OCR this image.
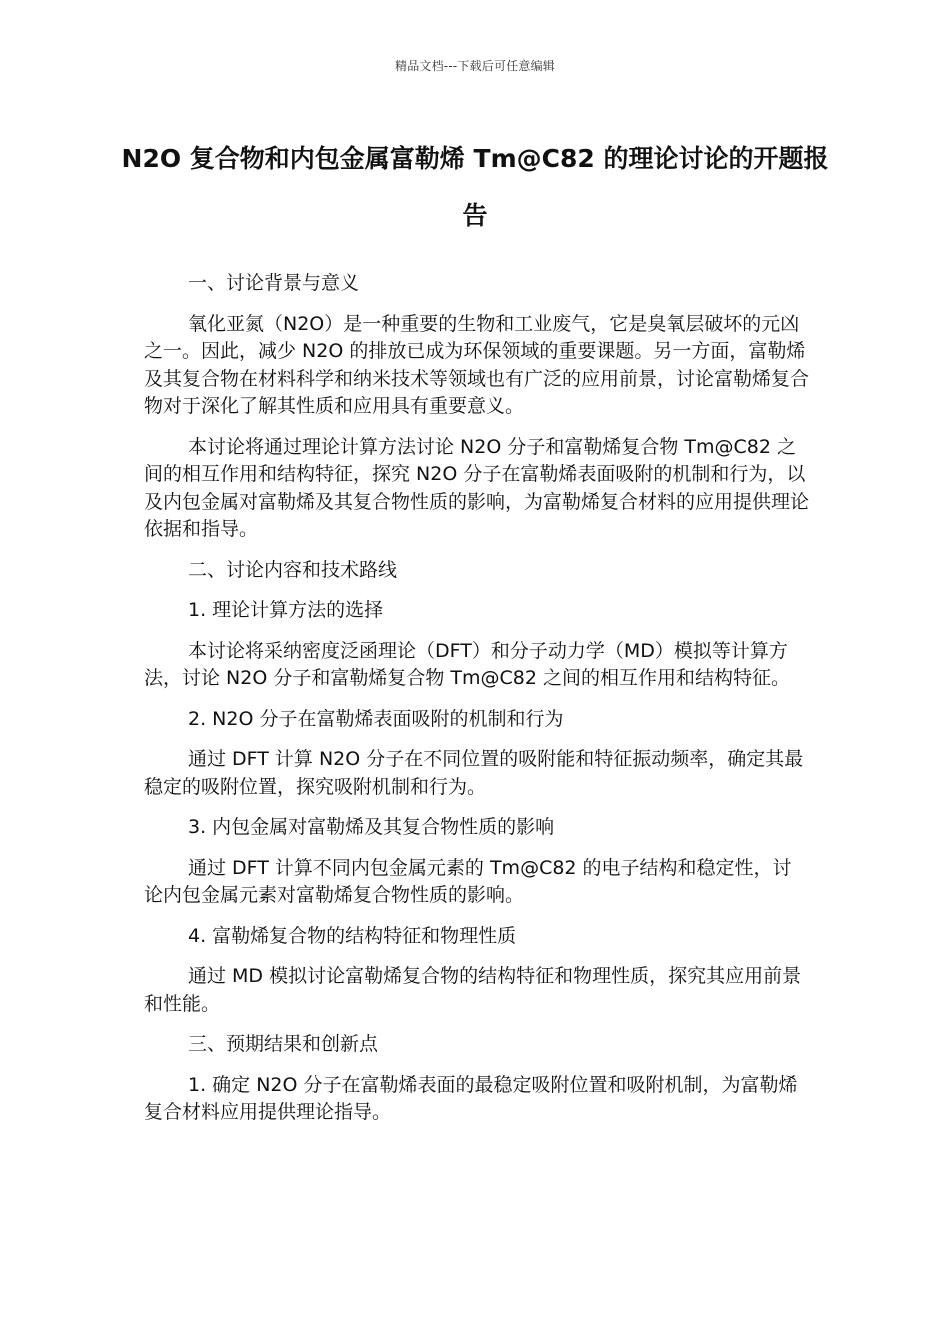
精品文档---下载后可任意编辑
N2O 复合物和内包金属富勒烯 Tm@C82 的理论讨论的开题报告

一、讨论背景与意义

氧化亚氮（N2O）是一种重要的生物和工业废气，它是臭氧层破坏的元凶之一。因此，减少 N2O 的排放已成为环保领域的重要课题。另一方面，富勒烯及其复合物在材料科学和纳米技术等领域也有广泛的应用前景，讨论富勒烯复合物对于深化了解其性质和应用具有重要意义。

本讨论将通过理论计算方法讨论 N2O 分子和富勒烯复合物 Tm@C82 之间的相互作用和结构特征，探究 N2O 分子在富勒烯表面吸附的机制和行为，以及内包金属对富勒烯及其复合物性质的影响，为富勒烯复合材料的应用提供理论依据和指导。

二、讨论内容和技术路线

1. 理论计算方法的选择

本讨论将采纳密度泛函理论（DFT）和分子动力学（MD）模拟等计算方法，讨论 N2O 分子和富勒烯复合物 Tm@C82 之间的相互作用和结构特征。

2. N2O 分子在富勒烯表面吸附的机制和行为

通过 DFT 计算 N2O 分子在不同位置的吸附能和特征振动频率，确定其最稳定的吸附位置，探究吸附机制和行为。

3. 内包金属对富勒烯及其复合物性质的影响

通过 DFT 计算不同内包金属元素的 Tm@C82 的电子结构和稳定性，讨论内包金属元素对富勒烯复合物性质的影响。

4. 富勒烯复合物的结构特征和物理性质

通过 MD 模拟讨论富勒烯复合物的结构特征和物理性质，探究其应用前景和性能。

三、预期结果和创新点

1. 确定 N2O 分子在富勒烯表面的最稳定吸附位置和吸附机制，为富勒烯复合材料应用提供理论指导。
